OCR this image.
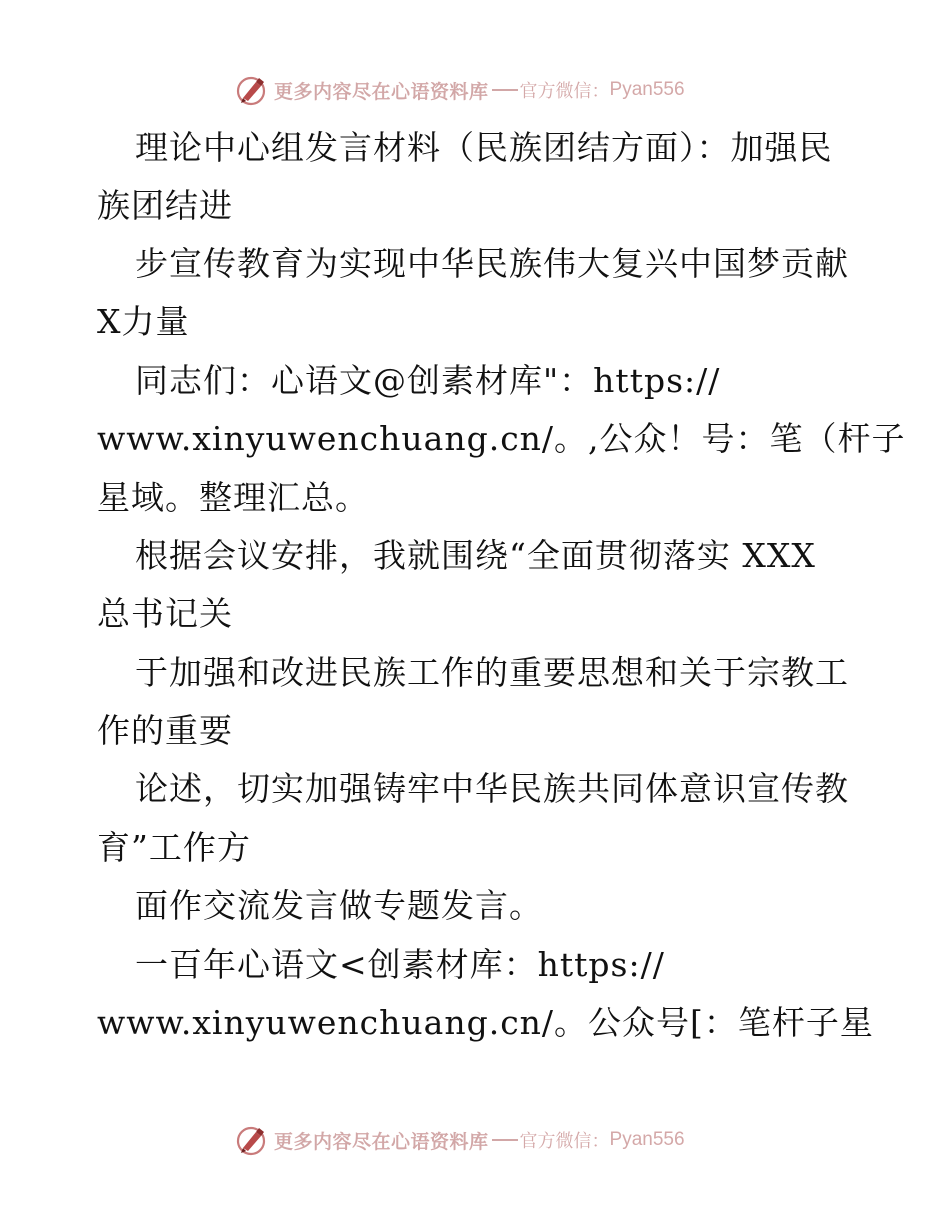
更多内容尽在心语资料库 官方微信： Pyan556
理论中心组发言材料（民族团结方面）：加强民
族团结进
步宣传教育为实现中华民族伟大复兴中国梦贡献
X力量
同志们：心语文@创素材库"：https://
www.xinyuwenchuang.cn/。,公众！号：笔（杆子
星域。整理汇总。
根据会议安排，我就围绕“全面贯彻落实 XXX
总书记关
于加强和改进民族工作的重要思想和关于宗教工
作的重要
论述，切实加强铸牢中华民族共同体意识宣传教
育”工作方
面作交流发言做专题发言。
一百年心语文<创素材库：https://
www.xinyuwenchuang.cn/。公众号[：笔杆子星
更多内容尽在心语资料库 官方微信： Pyan556
